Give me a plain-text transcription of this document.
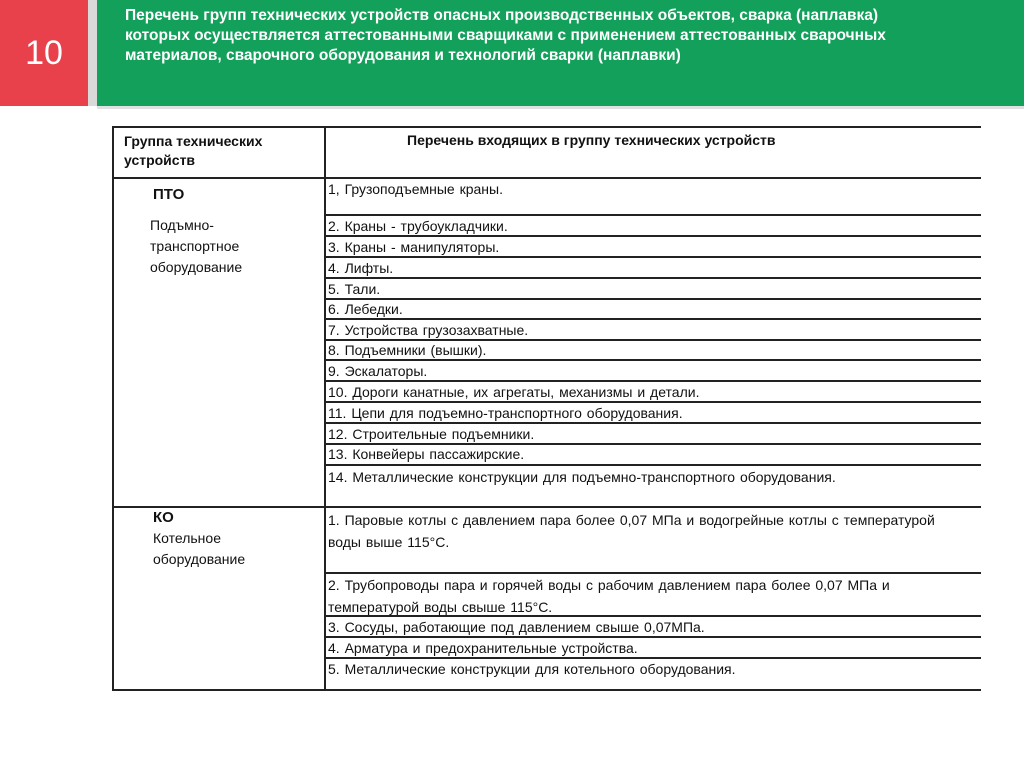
10
Перечень групп технических устройств опасных производственных объектов, сварка (наплавка) которых осуществляется аттестованными сварщиками с применением аттестованных сварочных материалов, сварочного оборудования и технологий сварки (наплавки)
Группа технических устройств
Перечень входящих в группу технических устройств
ПТО
Подъмно-транспортное оборудование
1, Грузоподъемные краны.
2. Краны - трубоукладчики.
3. Краны - манипуляторы.
4. Лифты.
5. Тали.
6. Лебедки.
7. Устройства грузозахватные.
8. Подъемники (вышки).
9. Эскалаторы.
10. Дороги канатные, их агрегаты, механизмы и детали.
11. Цепи для подъемно-транспортного оборудования.
12. Строительные подъемники.
13. Конвейеры пассажирские.
14. Металлические конструкции для подъемно-транспортного оборудования.
КО
Котельное оборудование
1. Паровые котлы с давлением пара более 0,07 МПа и водогрейные котлы с температурой воды выше 115°С.
2. Трубопроводы пара и горячей воды с рабочим давлением пара более 0,07 МПа и температурой воды свыше 115°С.
3. Сосуды, работающие под давлением свыше 0,07МПа.
4. Арматура и предохранительные устройства.
5. Металлические конструкции для котельного оборудования.
